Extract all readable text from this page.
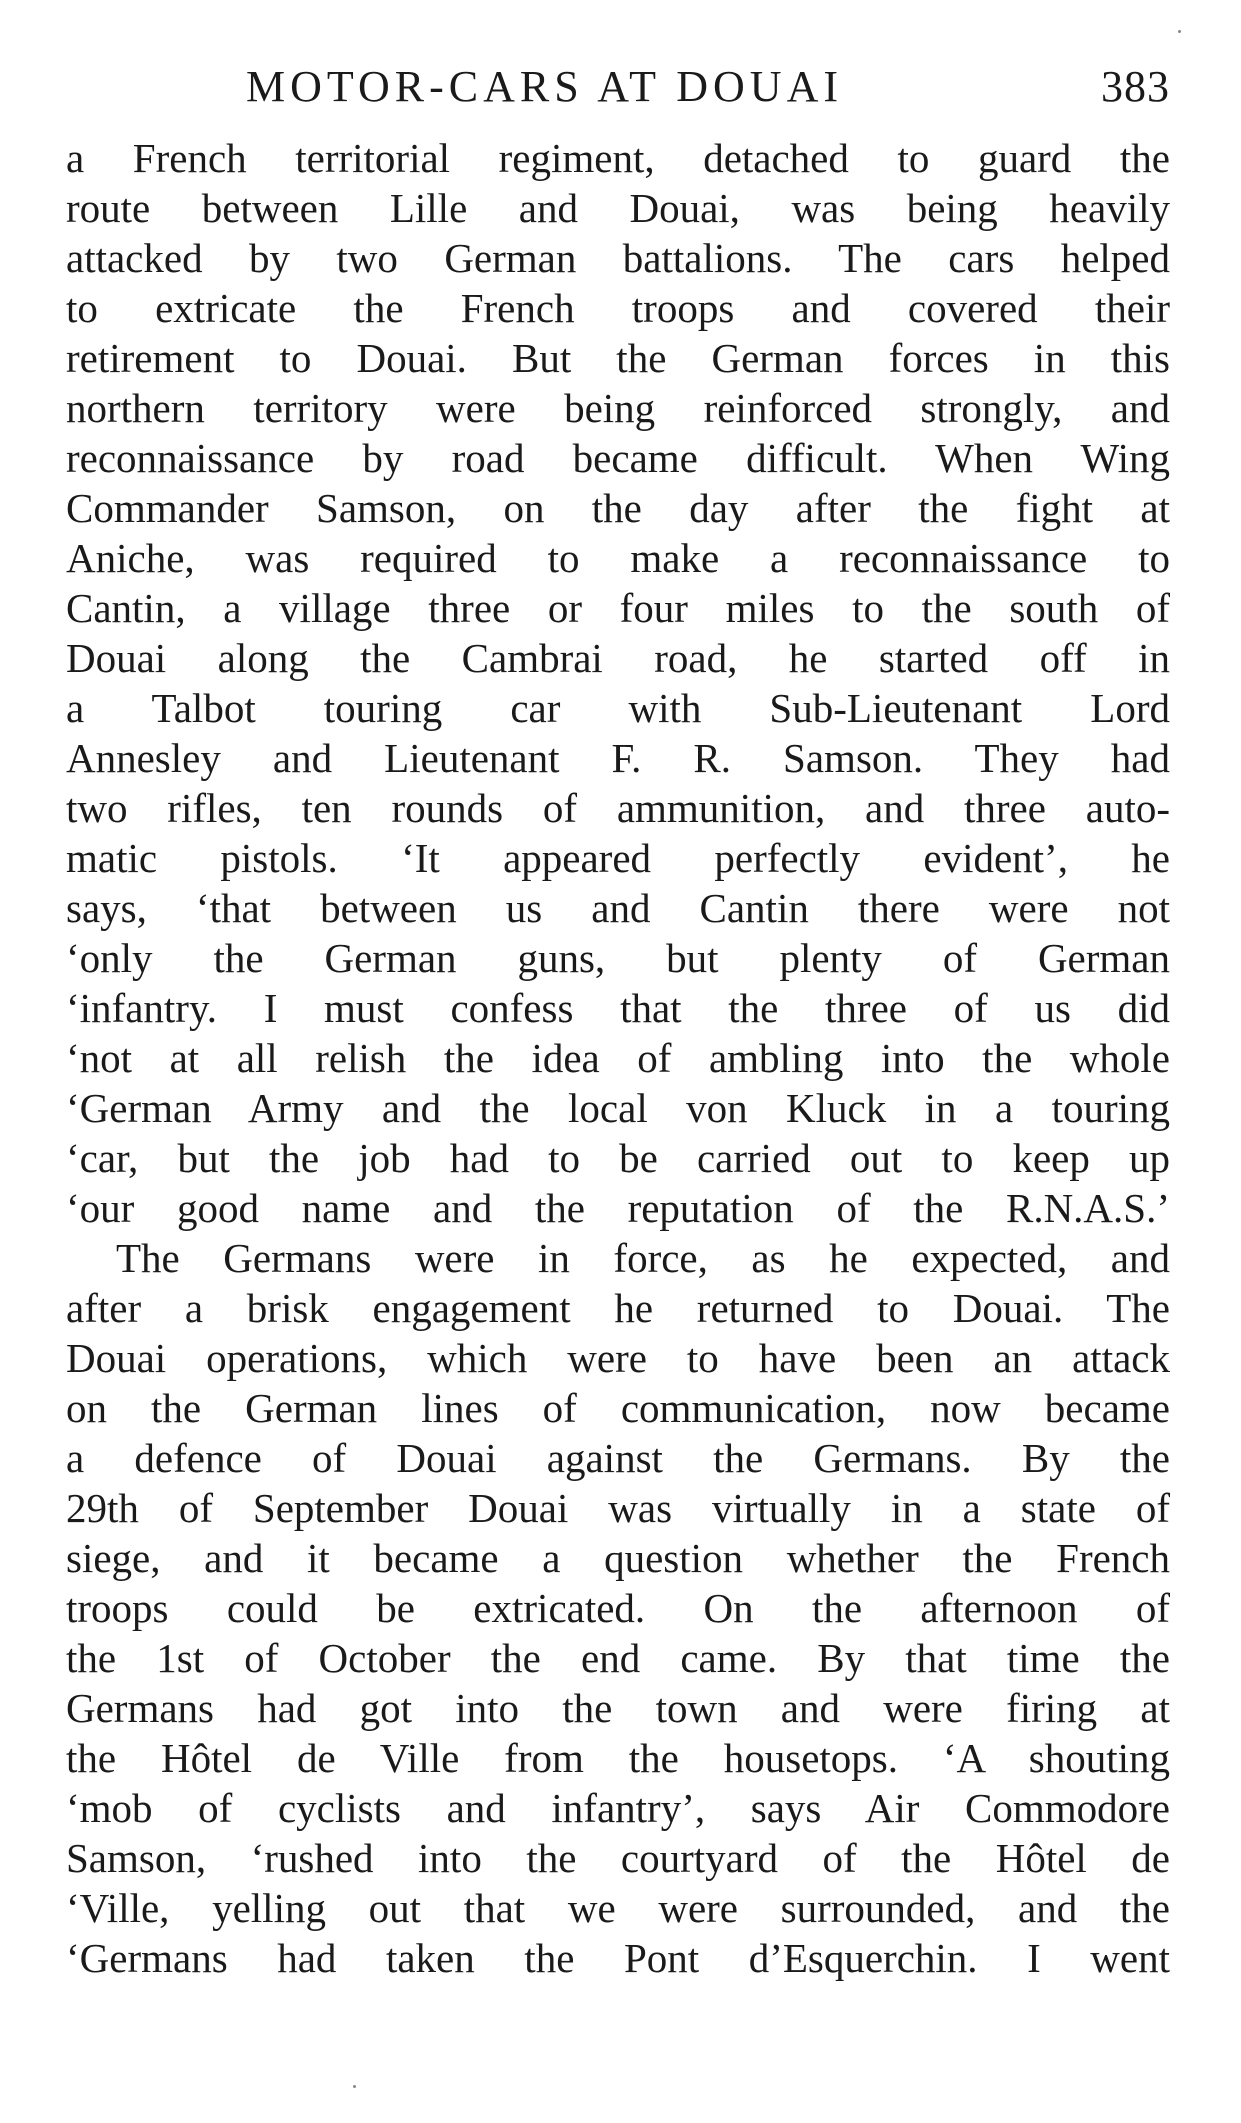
MOTOR-CARS AT DOUAI	383
a French territorial regiment, detached to guard the
route between Lille and Douai, was being heavily
attacked by two German battalions. The cars helped
to extricate the French troops and covered their
retirement to Douai. But the German forces in this
northern territory were being reinforced strongly, and
reconnaissance by road became difficult. When Wing
Commander Samson, on the day after the fight at
Aniche, was required to make a reconnaissance to
Cantin, a village three or four miles to the south of
Douai along the Cambrai road, he started off in
a Talbot touring car with Sub-Lieutenant Lord
Annesley and Lieutenant F. R. Samson. They had
two rifles, ten rounds of ammunition, and three auto-
matic pistols. ‘It appeared perfectly evident’, he
says, ‘that between us and Cantin there were not
‘only the German guns, but plenty of German
‘infantry. I must confess that the three of us did
‘not at all relish the idea of ambling into the whole
‘German Army and the local von Kluck in a touring
‘car, but the job had to be carried out to keep up
‘our good name and the reputation of the R.N.A.S.’
The Germans were in force, as he expected, and
after a brisk engagement he returned to Douai. The
Douai operations, which were to have been an attack
on the German lines of communication, now became
a defence of Douai against the Germans. By the
29th of September Douai was virtually in a state of
siege, and it became a question whether the French
troops could be extricated. On the afternoon of
the 1st of October the end came. By that time the
Germans had got into the town and were firing at
the Hôtel de Ville from the housetops. ‘A shouting
‘mob of cyclists and infantry’, says Air Commodore
Samson, ‘rushed into the courtyard of the Hôtel de
‘Ville, yelling out that we were surrounded, and the
‘Germans had taken the Pont d’Esquerchin. I went
